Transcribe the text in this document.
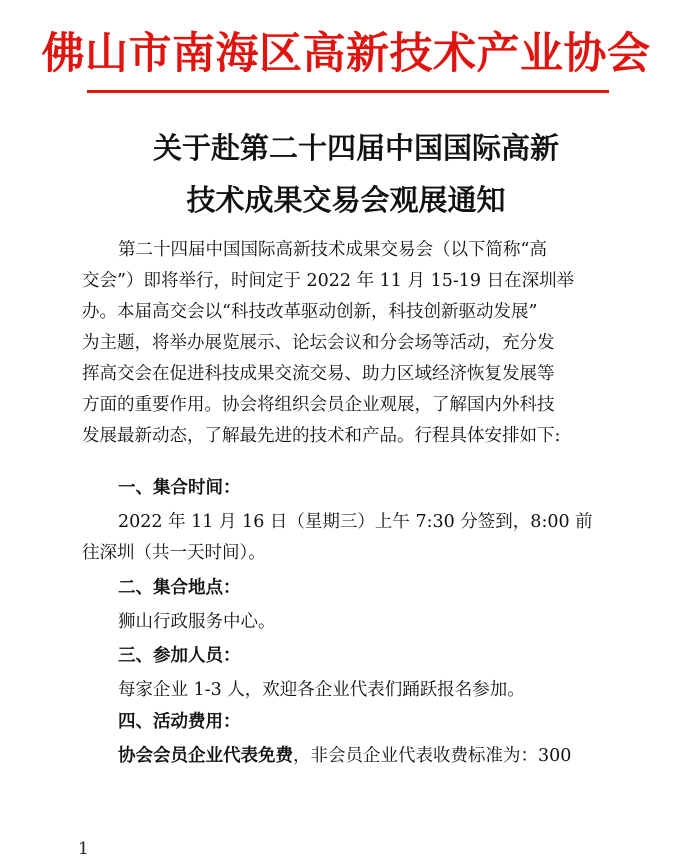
佛山市南海区高新技术产业协会
关于赴第二十四届中国国际高新
技术成果交易会观展通知
第二十四届中国国际高新技术成果交易会（以下简称“高
交会”）即将举行，时间定于 2022 年 11 月 15-19 日在深圳举
办。本届高交会以“科技改革驱动创新，科技创新驱动发展”
为主题，将举办展览展示、论坛会议和分会场等活动，充分发
挥高交会在促进科技成果交流交易、助力区域经济恢复发展等
方面的重要作用。协会将组织会员企业观展，了解国内外科技
发展最新动态，了解最先进的技术和产品。行程具体安排如下:
一、集合时间：
2022 年 11 月 16 日（星期三）上午 7:30 分签到，8:00 前
往深圳（共一天时间）。
二、集合地点：
狮山行政服务中心。
三、参加人员：
每家企业 1-3 人，欢迎各企业代表们踊跃报名参加。
四、活动费用：
协会会员企业代表免费，非会员企业代表收费标准为：300
1
